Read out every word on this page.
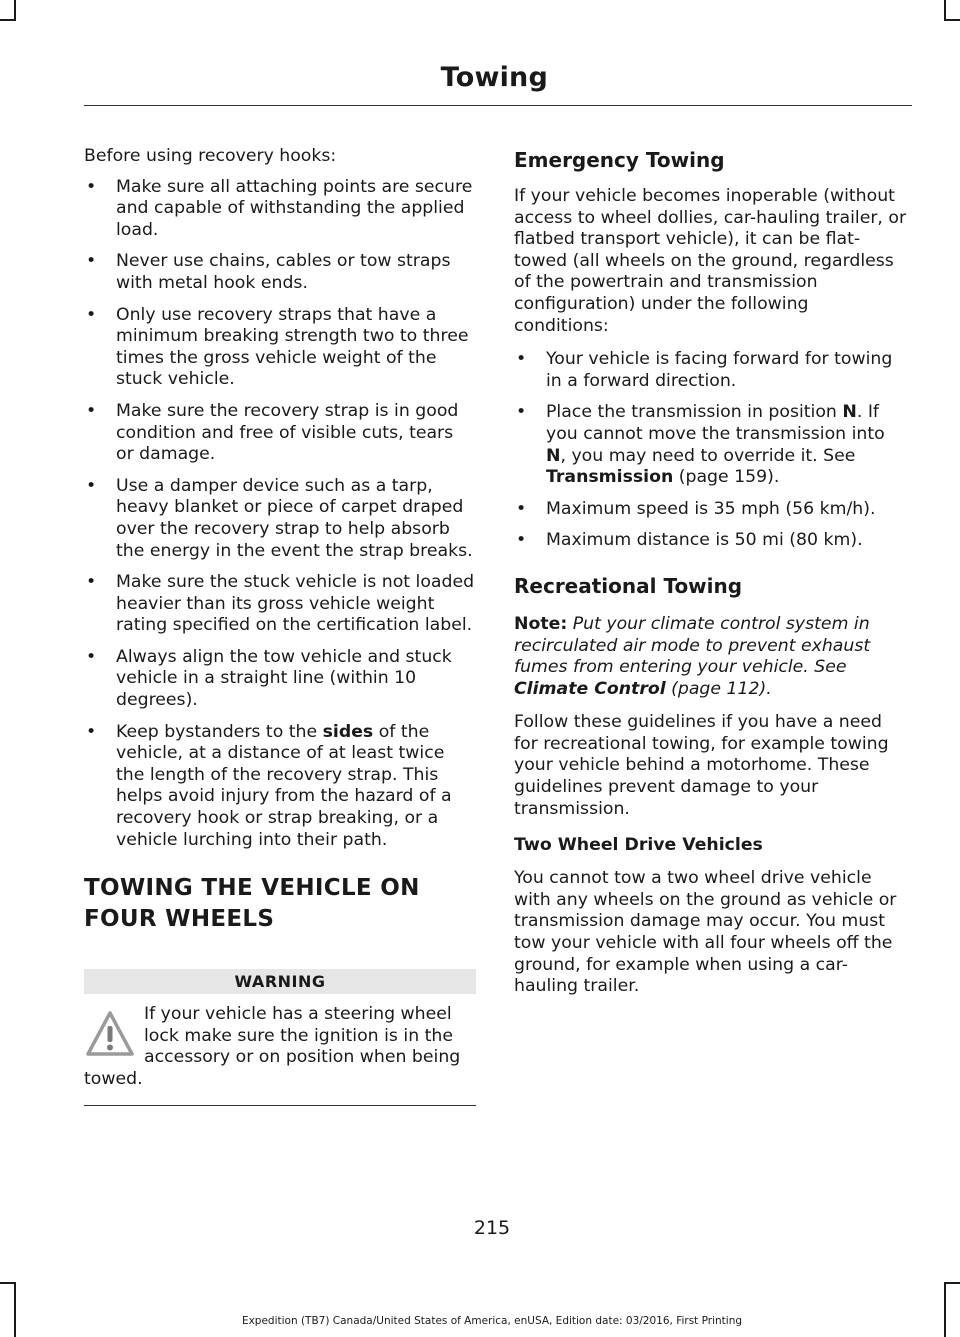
Towing

Before using recovery hooks:

• Make sure all attaching points are secure and capable of withstanding the applied load.
• Never use chains, cables or tow straps with metal hook ends.
• Only use recovery straps that have a minimum breaking strength two to three times the gross vehicle weight of the stuck vehicle.
• Make sure the recovery strap is in good condition and free of visible cuts, tears or damage.
• Use a damper device such as a tarp, heavy blanket or piece of carpet draped over the recovery strap to help absorb the energy in the event the strap breaks.
• Make sure the stuck vehicle is not loaded heavier than its gross vehicle weight rating specified on the certification label.
• Always align the tow vehicle and stuck vehicle in a straight line (within 10 degrees).
• Keep bystanders to the sides of the vehicle, at a distance of at least twice the length of the recovery strap. This helps avoid injury from the hazard of a recovery hook or strap breaking, or a vehicle lurching into their path.
TOWING THE VEHICLE ON
FOUR WHEELS
WARNING
If your vehicle has a steering wheel lock make sure the ignition is in the accessory or on position when being towed.
Emergency Towing

If your vehicle becomes inoperable (without access to wheel dollies, car-hauling trailer, or flatbed transport vehicle), it can be flat-towed (all wheels on the ground, regardless of the powertrain and transmission configuration) under the following conditions:

• Your vehicle is facing forward for towing in a forward direction.
• Place the transmission in position N. If you cannot move the transmission into N, you may need to override it. See Transmission (page 159).
• Maximum speed is 35 mph (56 km/h).
• Maximum distance is 50 mi (80 km).
Recreational Towing

Note: Put your climate control system in recirculated air mode to prevent exhaust fumes from entering your vehicle. See Climate Control (page 112).

Follow these guidelines if you have a need for recreational towing, for example towing your vehicle behind a motorhome. These guidelines prevent damage to your transmission.

Two Wheel Drive Vehicles

You cannot tow a two wheel drive vehicle with any wheels on the ground as vehicle or transmission damage may occur. You must tow your vehicle with all four wheels off the ground, for example when using a car-hauling trailer.

215
Expedition (TB7) Canada/United States of America, enUSA, Edition date: 03/2016, First Printing
